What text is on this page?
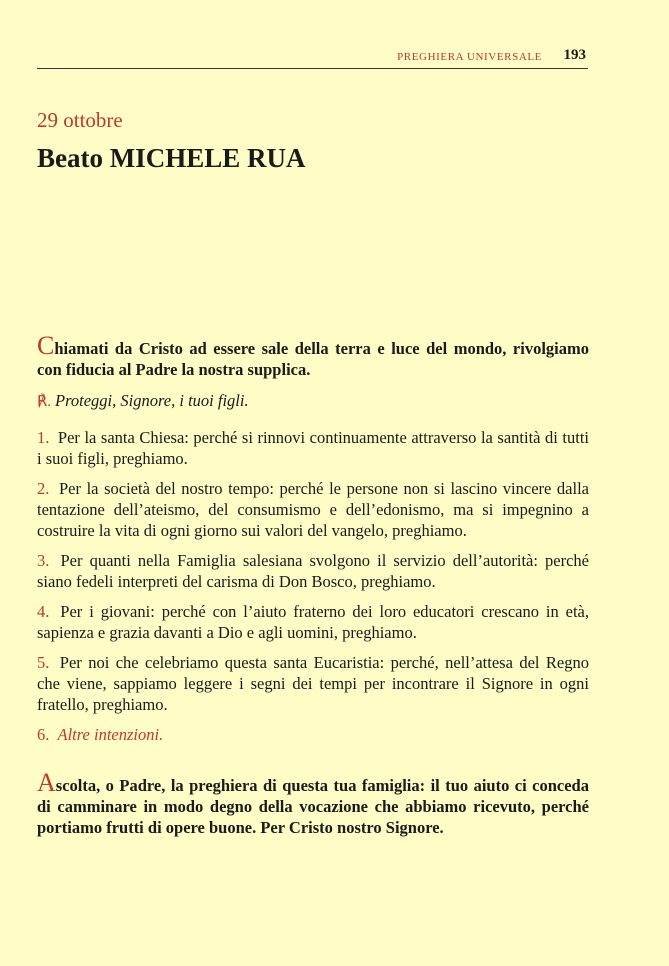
PREGHIERA UNIVERSALE 193
29 ottobre
Beato MICHELE RUA

Chiamati da Cristo ad essere sale della terra e luce del mondo, rivolgiamo con fiducia al Padre la nostra supplica.

℟. Proteggi, Signore, i tuoi figli.

1. Per la santa Chiesa: perché si rinnovi continuamente attraverso la santità di tutti i suoi figli, preghiamo.

2. Per la società del nostro tempo: perché le persone non si lascino vincere dalla tentazione dell’ateismo, del consumismo e dell’edonismo, ma si impegnino a costruire la vita di ogni giorno sui valori del vangelo, preghiamo.

3. Per quanti nella Famiglia salesiana svolgono il servizio dell’autorità: perché siano fedeli interpreti del carisma di Don Bosco, preghiamo.

4. Per i giovani: perché con l’aiuto fraterno dei loro educatori crescano in età, sapienza e grazia davanti a Dio e agli uomini, preghiamo.

5. Per noi che celebriamo questa santa Eucaristia: perché, nell’attesa del Regno che viene, sappiamo leggere i segni dei tempi per incontrare il Signore in ogni fratello, preghiamo.

6. Altre intenzioni.

Ascolta, o Padre, la preghiera di questa tua famiglia: il tuo aiuto ci conceda di camminare in modo degno della vocazione che abbiamo ricevuto, perché portiamo frutti di opere buone. Per Cristo nostro Signore.
